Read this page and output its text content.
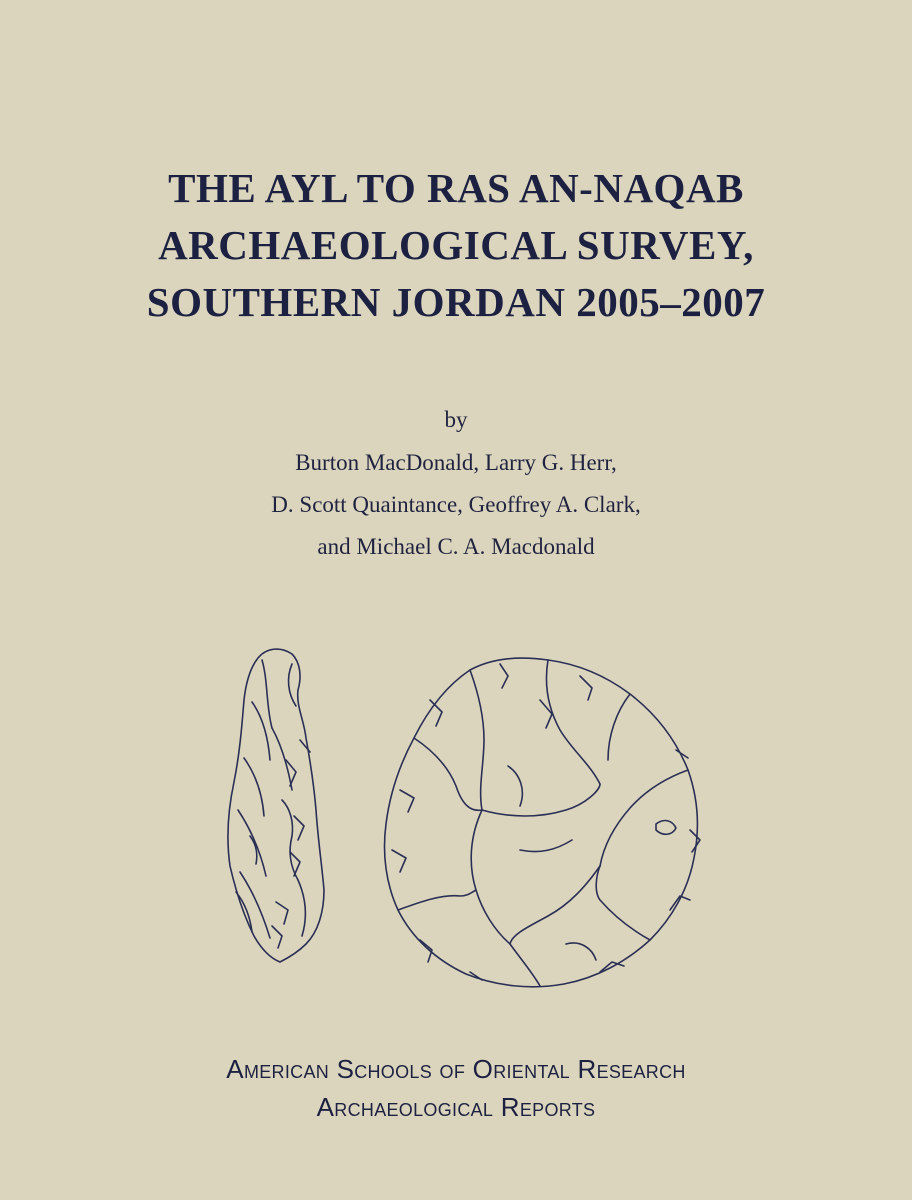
THE AYL TO RAS AN-NAQAB
ARCHAEOLOGICAL SURVEY,
SOUTHERN JORDAN 2005–2007
by
Burton MacDonald, Larry G. Herr,
D. Scott Quaintance, Geoffrey A. Clark,
and Michael C. A. Macdonald
American Schools of Oriental Research
Archaeological Reports
